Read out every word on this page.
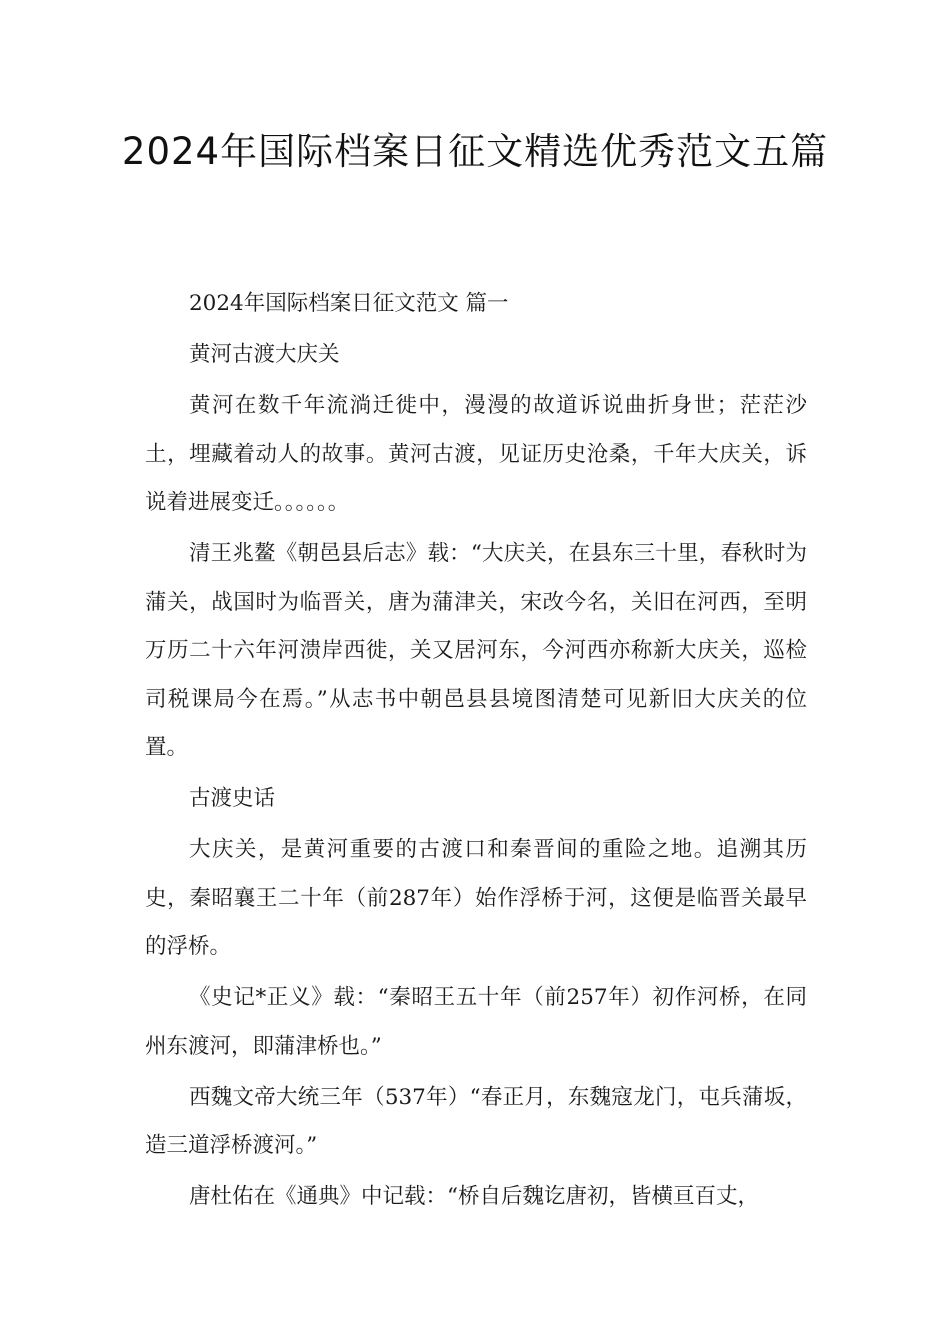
2024年国际档案日征文精选优秀范文五篇

2024年国际档案日征文范文 篇一

黄河古渡大庆关

黄河在数千年流淌迁徙中，漫漫的故道诉说曲折身世；茫茫沙土，埋藏着动人的故事。黄河古渡，见证历史沧桑，千年大庆关，诉说着进展变迁。。。。。。

清王兆鳌《朝邑县后志》载：“大庆关，在县东三十里，春秋时为蒲关，战国时为临晋关，唐为蒲津关，宋改今名，关旧在河西，至明万历二十六年河溃岸西徙，关又居河东，今河西亦称新大庆关，巡检司税课局今在焉。”从志书中朝邑县县境图清楚可见新旧大庆关的位置。

古渡史话

大庆关，是黄河重要的古渡口和秦晋间的重险之地。追溯其历史，秦昭襄王二十年（前287年）始作浮桥于河，这便是临晋关最早的浮桥。

《史记*正义》载：“秦昭王五十年（前257年）初作河桥，在同州东渡河，即蒲津桥也。”

西魏文帝大统三年（537年）“春正月，东魏寇龙门，屯兵蒲坂，造三道浮桥渡河。”

唐杜佑在《通典》中记载：“桥自后魏讫唐初，皆横亘百丈，
